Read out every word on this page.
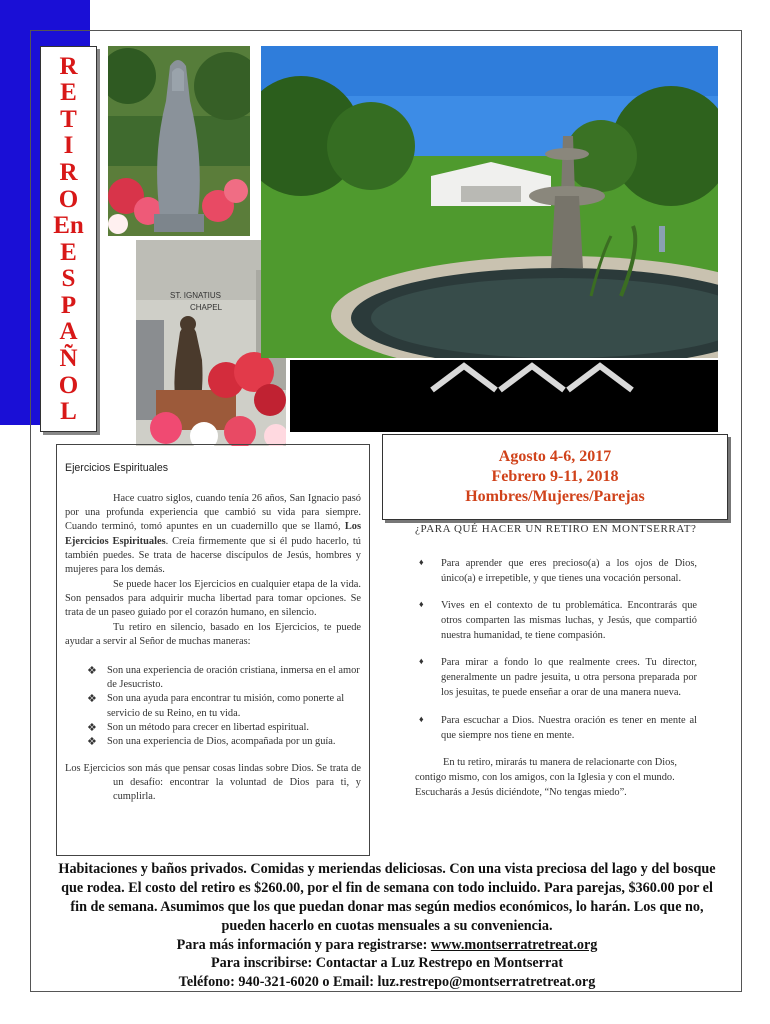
R
E
T
I
R
O
En
E
S
P
A
Ñ
O
L
ST. IGNATIUS
CHAPEL
Ejercicios Espirituales

Hace cuatro siglos, cuando tenía 26 años, San Ignacio pasó por una profunda experiencia que cambió su vida para siempre. Cuando terminó, tomó apuntes en un cuadernillo que se llamó, Los Ejercicios Espirituales. Creía firmemente que si él pudo hacerlo, tú también puedes. Se trata de hacerse discípulos de Jesús, hombres y mujeres para los demás.

Se puede hacer los Ejercicios en cualquier etapa de la vida. Son pensados para adquirir mucha libertad para tomar opciones. Se trata de un paseo guiado por el corazón humano, en silencio.

Tu retiro en silencio, basado en los Ejercicios, te puede ayudar a servir al Señor de muchas maneras:

❖ Son una experiencia de oración cristiana, inmersa en el amor de Jesucristo.
❖ Son una ayuda para encontrar tu misión, como ponerte al servicio de su Reino, en tu vida.
❖ Son un método para crecer en libertad espiritual.
❖ Son una experiencia de Dios, acompañada por un guía.

Los Ejercicios son más que pensar cosas lindas sobre Dios. Se trata de un desafío: encontrar la voluntad de Dios para ti, y cumplirla.

Agosto 4-6, 2017
Febrero 9-11, 2018
Hombres/Mujeres/Parejas
¿PARA QUÉ HACER UN RETIRO EN MONTSERRAT?
♦ Para aprender que eres precioso(a) a los ojos de Dios, único(a) e irrepetible, y que tienes una vocación personal.
♦ Vives en el contexto de tu problemática. Encontrarás que otros comparten las mismas luchas, y Jesús, que compartió nuestra humanidad, te tiene compasión.
♦ Para mirar a fondo lo que realmente crees. Tu director, generalmente un padre jesuita, u otra persona preparada por los jesuitas, te puede enseñar a orar de una manera nueva.
♦ Para escuchar a Dios. Nuestra oración es tener en mente al que siempre nos tiene en mente.

En tu retiro, mirarás tu manera de relacionarte con Dios, contigo mismo, con los amigos, con la Iglesia y con el mundo. Escucharás a Jesús diciéndote, “No tengas miedo”.

Habitaciones y baños privados. Comidas y meriendas deliciosas. Con una vista preciosa del lago y del bosque que rodea. El costo del retiro es $260.00, por el fin de semana con todo incluido. Para parejas, $360.00 por el fin de semana. Asumimos que los que puedan donar mas según medios económicos, lo harán. Los que no, pueden hacerlo en cuotas mensuales a su conveniencia.
Para más información y para registrarse: www.montserratretreat.org
Para inscribirse: Contactar a Luz Restrepo en Montserrat
Teléfono: 940-321-6020 o Email: luz.restrepo@montserratretreat.org
